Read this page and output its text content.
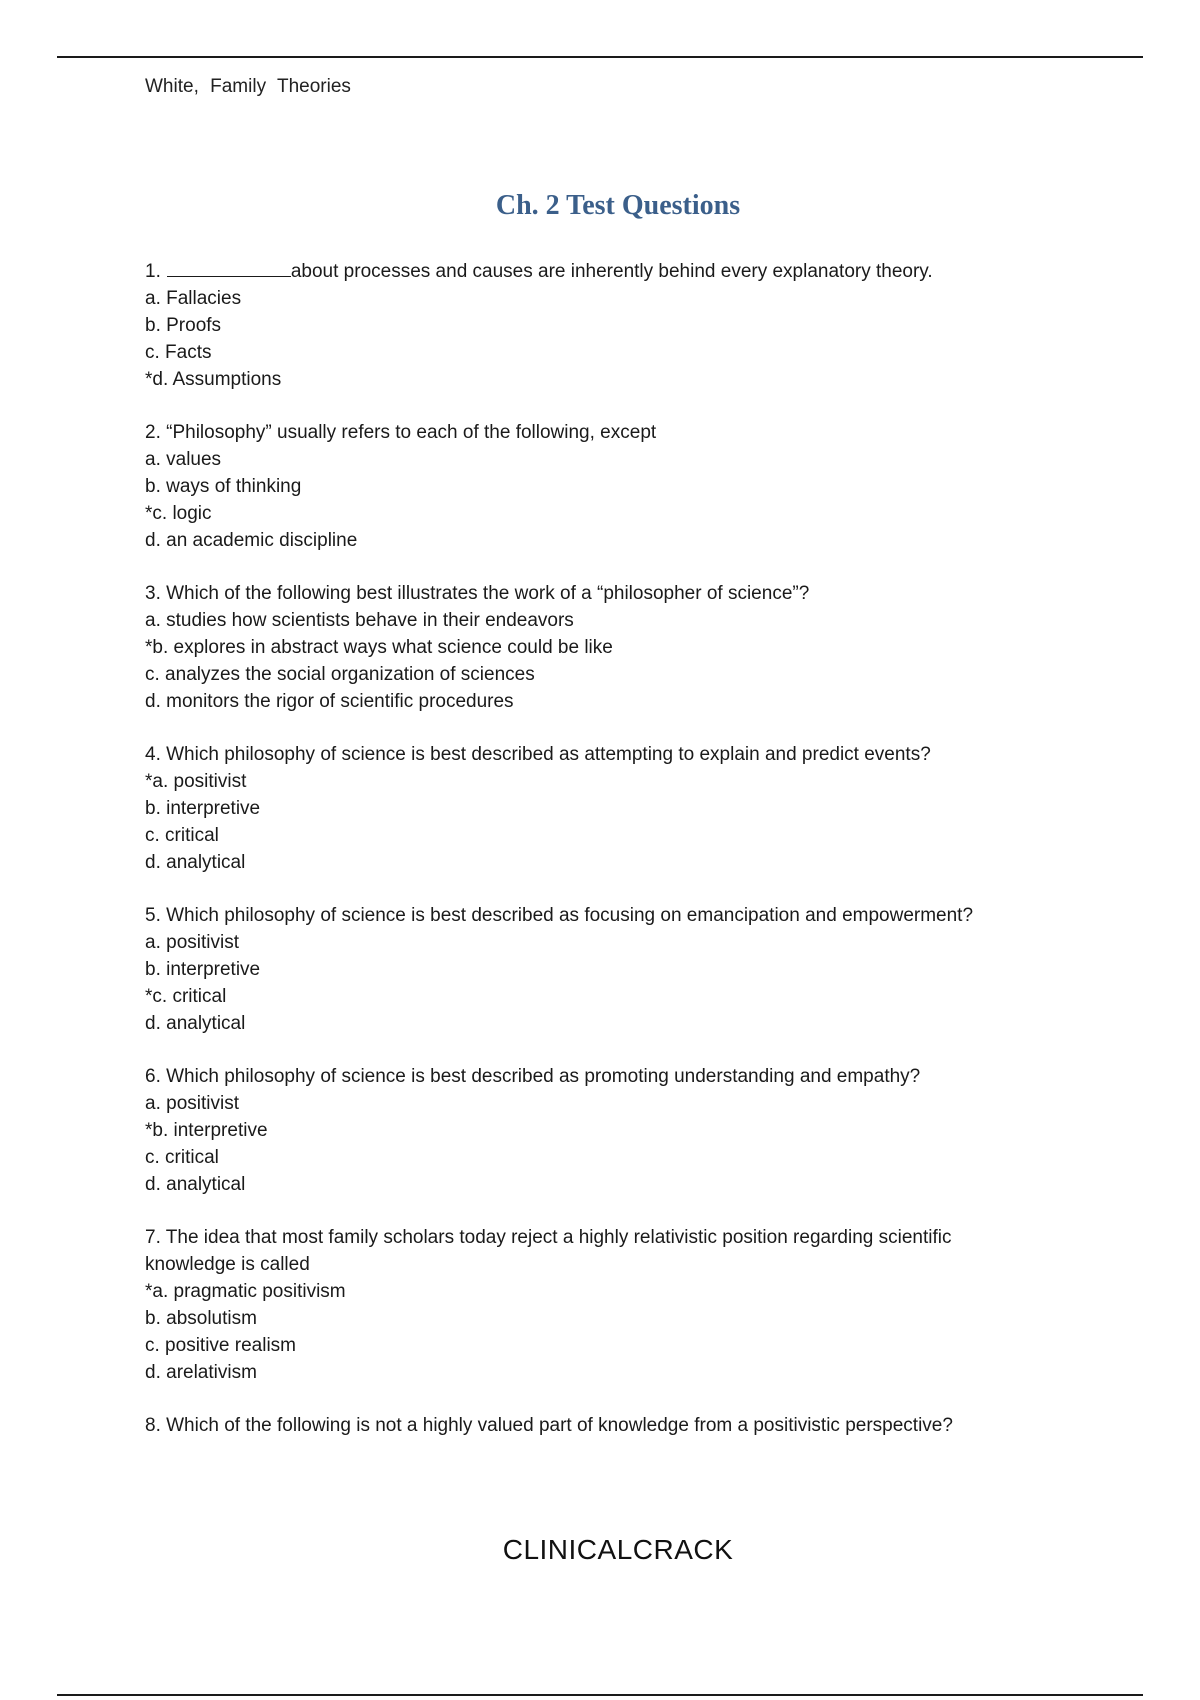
White, Family Theories
Ch. 2 Test Questions
1.	about processes and causes are inherently behind every explanatory theory.
a. Fallacies
b. Proofs
c. Facts
*d. Assumptions
2. “Philosophy” usually refers to each of the following, except
a. values
b. ways of thinking
*c. logic
d. an academic discipline
3. Which of the following best illustrates the work of a “philosopher of science”?
a. studies how scientists behave in their endeavors
*b. explores in abstract ways what science could be like
c. analyzes the social organization of sciences
d. monitors the rigor of scientific procedures
4. Which philosophy of science is best described as attempting to explain and predict events?
*a. positivist
b. interpretive
c. critical
d. analytical
5. Which philosophy of science is best described as focusing on emancipation and empowerment?
a. positivist
b. interpretive
*c. critical
d. analytical
6. Which philosophy of science is best described as promoting understanding and empathy?
a. positivist
*b. interpretive
c. critical
d. analytical
7. The idea that most family scholars today reject a highly relativistic position regarding scientific knowledge is called
*a. pragmatic positivism
b. absolutism
c. positive realism
d. arelativism
8. Which of the following is not a highly valued part of knowledge from a positivistic perspective?
CLINICALCRACK
